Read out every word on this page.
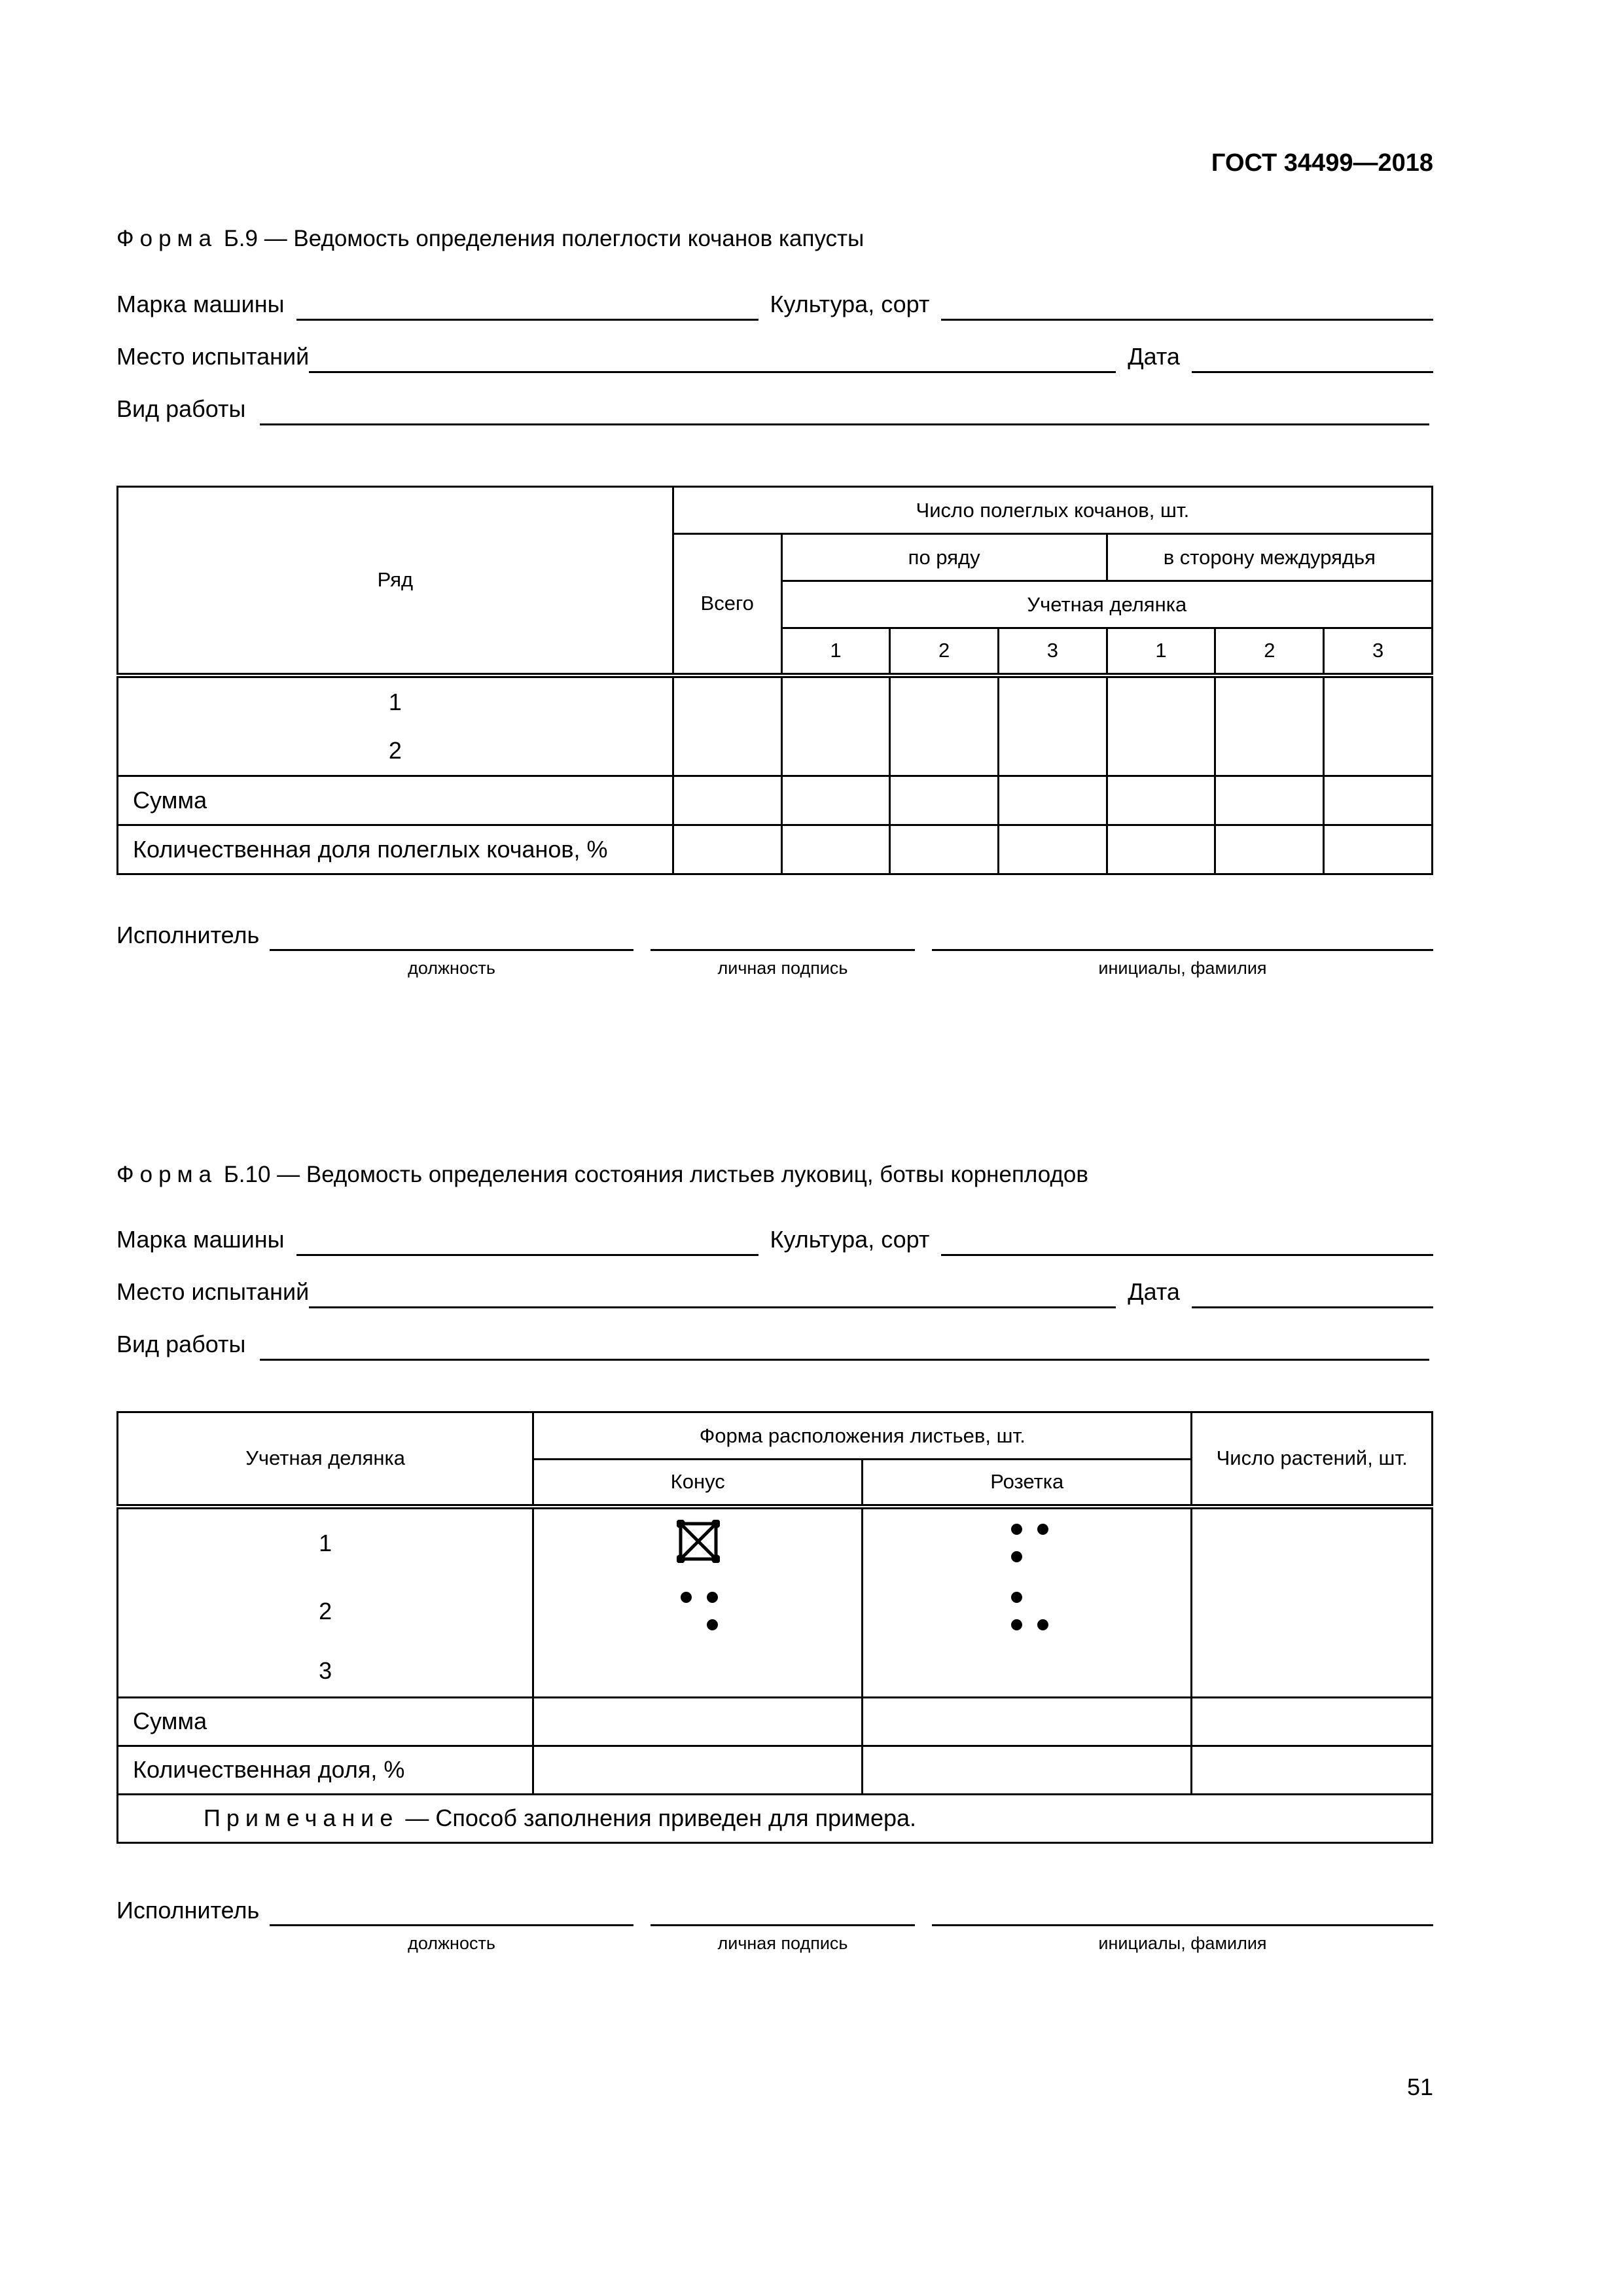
ГОСТ 34499—2018
Форма Б.9 — Ведомость определения полеглости кочанов капусты
Марка машины	Культура, сорт
Место испытаний	Дата
Вид работы
Ряд	Число полеглых кочанов, шт.						
	Всего	по ряду			в сторону междурядья		
		Учетная делянка					
		1	2	3	1	2	3

1
2							

Сумма							
Количественная доля полеглых кочанов, %							
Исполнитель
должность	личная подпись	инициалы, фамилия
Форма Б.10 — Ведомость определения состояния листьев луковиц, ботвы корнеплодов
Марка машины	Культура, сорт
Место испытаний	Дата
Вид работы
Учетная делянка	Форма расположения листьев, шт.		Число растений, шт.
	Конус	Розетка	

1
2
3

Сумма			
Количественная доля, %			
Примечание — Способ заполнения приведен для примера.			
Исполнитель
должность	личная подпись	инициалы, фамилия
51
